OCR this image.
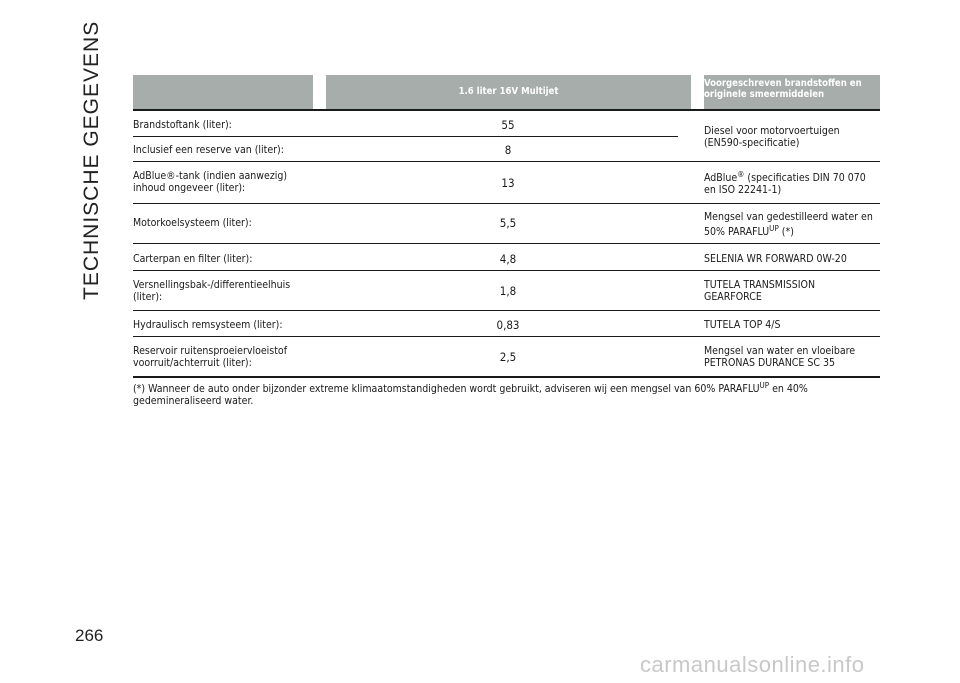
TECHNISCHE GEGEVENS	1.6 liter 16V Multijet
Voorgeschreven brandstoffen en
originele smeermiddelen
Brandstoftank (liter):	55
Inclusief een reserve van (liter):	8
Diesel voor motorvoertuigen
(EN590-specificatie)
AdBlue®-tank (indien aanwezig)
inhoud ongeveer (liter):	13	AdBlue® (specificaties DIN 70 070
en ISO 22241-1)
Motorkoelsysteem (liter):	5,5	Mengsel van gedestilleerd water en
50% $PARAFLU^{UP}$ (*)
Carterpan en filter (liter):	4,8	SELENIA WR FORWARD 0W-20
Versnellingsbak-/differentieelhuis
(liter):	1,8	TUTELA TRANSMISSION
GEARFORCE
Hydraulisch remsysteem (liter):	0,83	TUTELA TOP 4/S
Reservoir ruitensproeiervloeistof
voorruit/achterruit (liter):	2,5	Mengsel van water en vloeibare
PETRONAS DURANCE SC 35
(*) Wanneer de auto onder bijzonder extreme klimaatomstandigheden wordt gebruikt, adviseren wij een mengsel van 60% $PARAFLU^{UP}$ en 40%
gedemineraliseerd water.
266
carmanualsonline.info
